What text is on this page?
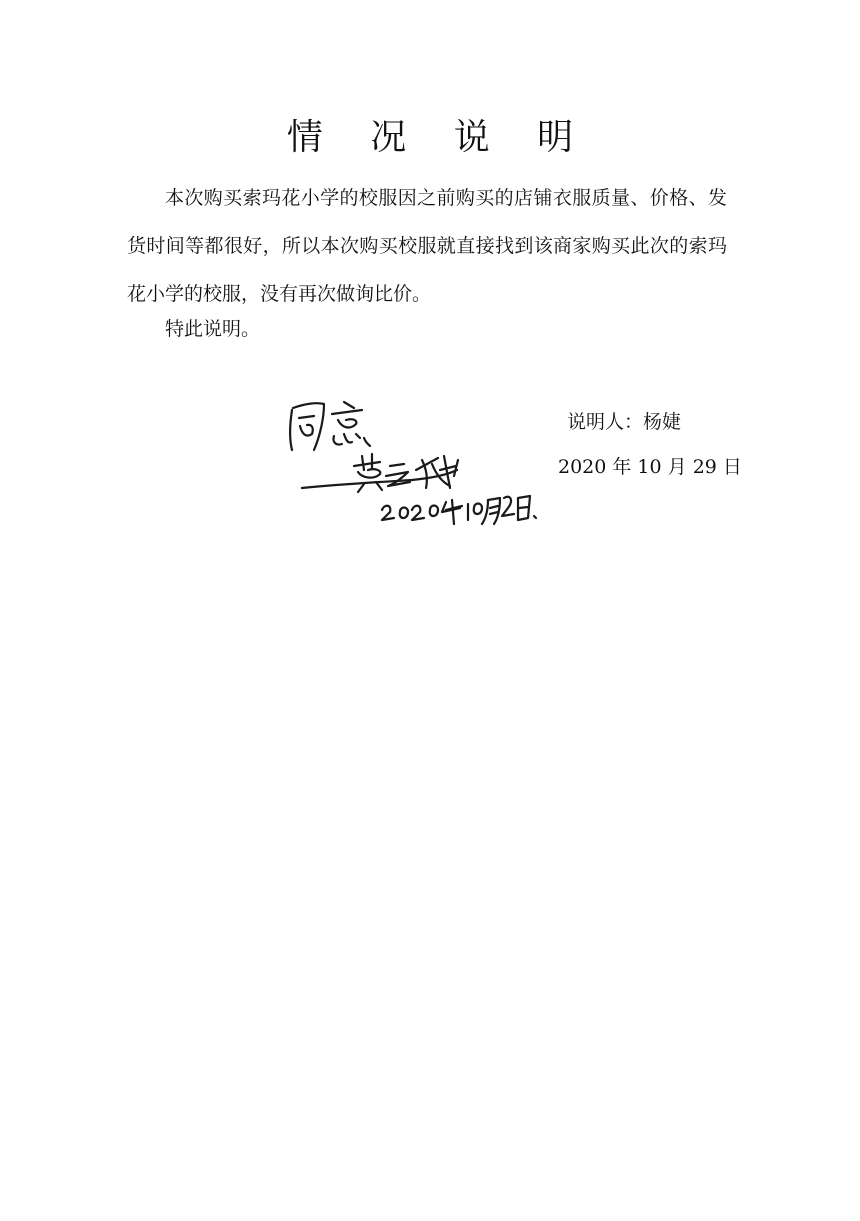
情 况 说 明

本次购买索玛花小学的校服因之前购买的店铺衣服质量、价格、发货时间等都很好，所以本次购买校服就直接找到该商家购买此次的索玛花小学的校服，没有再次做询比价。

特此说明。

说明人：杨婕
2020 年 10 月 29 日
